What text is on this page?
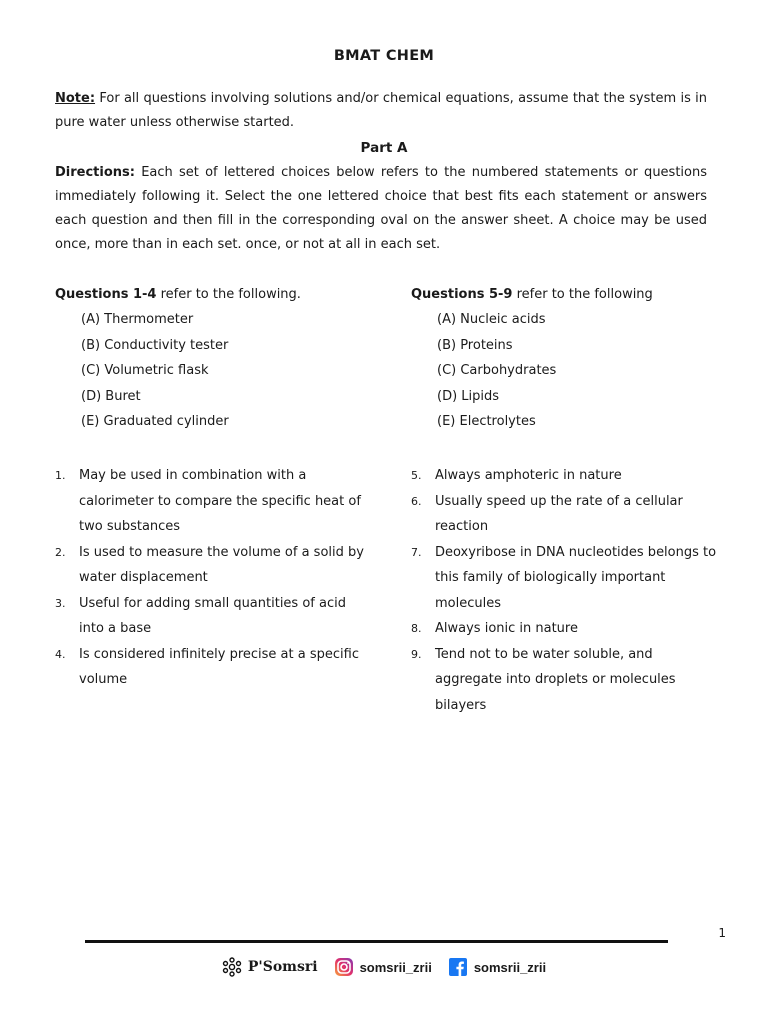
BMAT CHEM
Note: For all questions involving solutions and/or chemical equations, assume that the system is in pure water unless otherwise started.
Part A
Directions: Each set of lettered choices below refers to the numbered statements or questions immediately following it. Select the one lettered choice that best fits each statement or answers each question and then fill in the corresponding oval on the answer sheet. A choice may be used once, more than in each set. once, or not at all in each set.
Questions 1-4 refer to the following.
(A) Thermometer
(B) Conductivity tester
(C) Volumetric flask
(D) Buret
(E) Graduated cylinder
Questions 5-9 refer to the following
(A) Nucleic acids
(B) Proteins
(C) Carbohydrates
(D) Lipids
(E) Electrolytes
1. May be used in combination with a calorimeter to compare the specific heat of two substances
2. Is used to measure the volume of a solid by water displacement
3. Useful for adding small quantities of acid into a base
4. Is considered infinitely precise at a specific volume
5. Always amphoteric in nature
6. Usually speed up the rate of a cellular reaction
7. Deoxyribose in DNA nucleotides belongs to this family of biologically important molecules
8. Always ionic in nature
9. Tend not to be water soluble, and aggregate into droplets or molecules bilayers
1
P'Somsri	somsrii_zrii	somsrii_zrii
